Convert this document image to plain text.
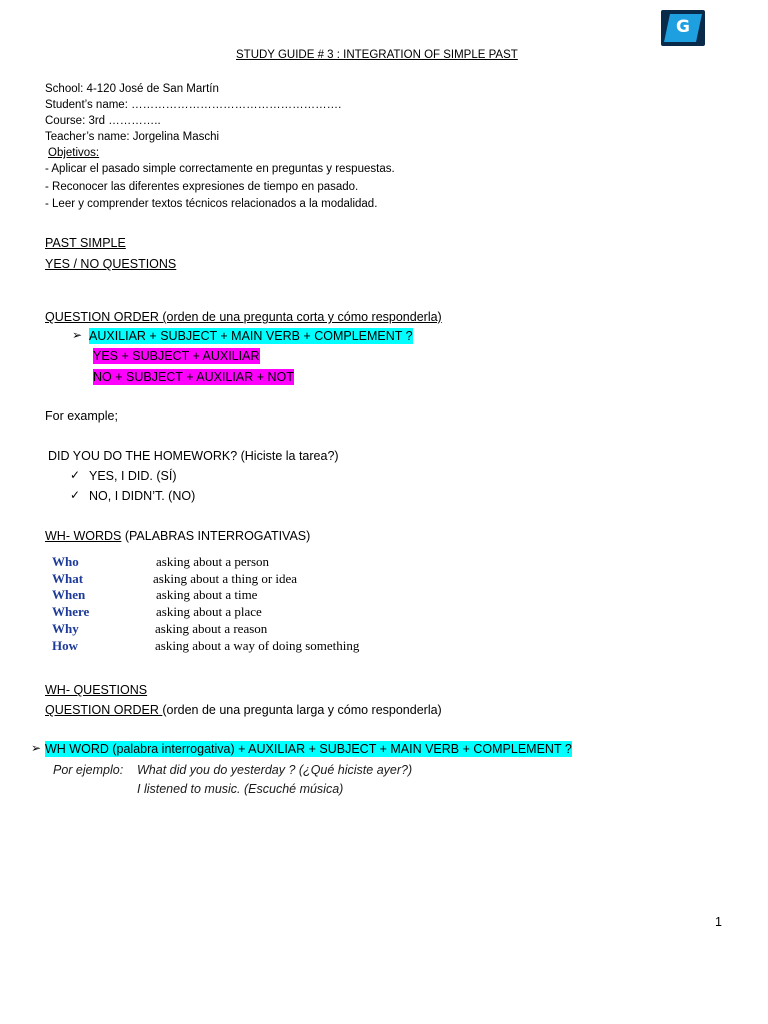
G
STUDY GUIDE # 3 : INTEGRATION OF SIMPLE PAST
School: 4-120 José de San Martín
Student’s name: ……………………………………………….
Course: 3rd …………..
Teacher’s name: Jorgelina Maschi
Objetivos:
- Aplicar el pasado simple correctamente en preguntas y respuestas.
- Reconocer las diferentes expresiones de tiempo en pasado.
- Leer y comprender textos técnicos relacionados a la modalidad.
PAST SIMPLE
YES / NO QUESTIONS
QUESTION ORDER (orden de una pregunta corta y cómo responderla)
➢ AUXILIAR + SUBJECT + MAIN VERB + COMPLEMENT ?
YES + SUBJECT + AUXILIAR
NO + SUBJECT + AUXILIAR + NOT
For example;
DID YOU DO THE HOMEWORK? (Hiciste la tarea?)
✓ YES, I DID. (SÍ)
✓ NO, I DIDN’T. (NO)
WH- WORDS (PALABRAS INTERROGATIVAS)
Who	asking about a person
What	asking about a thing or idea
When	asking about a time
Where	asking about a place
Why	asking about a reason
How	asking about a way of doing something
WH- QUESTIONS
QUESTION ORDER (orden de una pregunta larga y cómo responderla)
➢ WH WORD (palabra interrogativa) + AUXILIAR + SUBJECT + MAIN VERB + COMPLEMENT ?
Por ejemplo: What did you do yesterday ? (¿Qué hiciste ayer?)
I listened to music. (Escuché música)
1
